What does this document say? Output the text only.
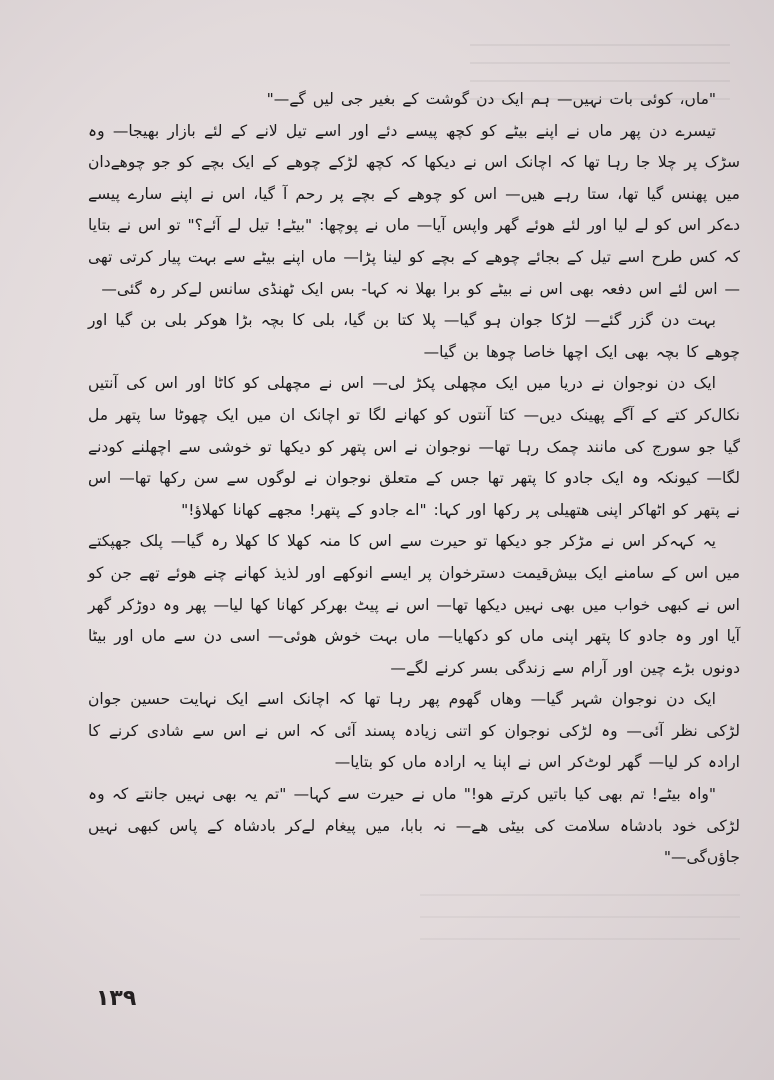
"ماں، کوئی بات نہیں— ہم ایک دن گوشت کے بغیر جی لیں گے—"

تیسرے دن پھر ماں نے اپنے بیٹے کو کچھ پیسے دئے اور اسے تیل لانے کے لئے بازار بھیجا— وہ سڑک پر چلا جا رہا تھا کہ اچانک اس نے دیکھا کہ کچھ لڑکے چوھے کے ایک بچے کو جو چوھےدان میں پھنس گیا تھا، ستا رہے ھیں— اس کو چوھے کے بچے پر رحم آ گیا، اس نے اپنے سارے پیسے دےکر اس کو لے لیا اور لئے ھوئے گھر واپس آیا— ماں نے پوچھا: "بیٹے! تیل لے آئے؟" تو اس نے بتایا کہ کس طرح اسے تیل کے بجائے چوھے کے بچے کو لینا پڑا— ماں اپنے بیٹے سے بہت پیار کرتی تھی— اس لئے اس دفعہ بھی اس نے بیٹے کو برا بھلا نہ کہا- بس ایک ٹھنڈی سانس لےکر رہ گئی—

بہت دن گزر گئے— لڑکا جوان ہو گیا— پلا کتا بن گیا، بلی کا بچہ بڑا ھوکر بلی بن گیا اور چوھے کا بچہ بھی ایک اچھا خاصا چوھا بن گیا—

ایک دن نوجوان نے دریا میں ایک مچھلی پکڑ لی— اس نے مچھلی کو کاٹا اور اس کی آنتیں نکال‌کر کتے کے آگے پھینک دیں— کتا آنتوں کو کھانے لگا تو اچانک ان میں ایک چھوٹا سا پتھر مل گیا جو سورج کی مانند چمک رہا تھا— نوجوان نے اس پتھر کو دیکھا تو خوشی سے اچھلنے کودنے لگا— کیونکہ وہ ایک جادو کا پتھر تھا جس کے متعلق نوجوان نے لوگوں سے سن رکھا تھا— اس نے پتھر کو اٹھاکر اپنی ھتھیلی پر رکھا اور کہا: "اے جادو کے پتھر! مجھے کھانا کھلاؤ!"

یہ کہہ‌کر اس نے مڑکر جو دیکھا تو حیرت سے اس کا منہ کھلا کا کھلا رہ گیا— پلک جھپکتے میں اس کے سامنے ایک بیش‌قیمت دسترخوان پر ایسے انوکھے اور لذیذ کھانے چنے ھوئے تھے جن کو اس نے کبھی خواب میں بھی نہیں دیکھا تھا— اس نے پیٹ بھرکر کھانا کھا لیا— پھر وہ دوڑکر گھر آیا اور وہ جادو کا پتھر اپنی ماں کو دکھایا— ماں بہت خوش ھوئی— اسی دن سے ماں اور بیٹا دونوں بڑے چین اور آرام سے زندگی بسر کرنے لگے—

ایک دن نوجوان شہر گیا— وھاں گھوم پھر رہا تھا کہ اچانک اسے ایک نہایت حسین جوان لڑکی نظر آئی— وہ لڑکی نوجوان کو اتنی زیادہ پسند آئی کہ اس نے اس سے شادی کرنے کا ارادہ کر لیا— گھر لوٹ‌کر اس نے اپنا یہ ارادہ ماں کو بتایا—

"واہ بیٹے! تم بھی کیا باتیں کرتے ھو!" ماں نے حیرت سے کہا— "تم یہ بھی نہیں جانتے کہ وہ لڑکی خود بادشاہ سلامت کی بیٹی ھے— نہ بابا، میں پیغام لےکر بادشاہ کے پاس کبھی نہیں جاؤں‌گی—"

۱۳۹
